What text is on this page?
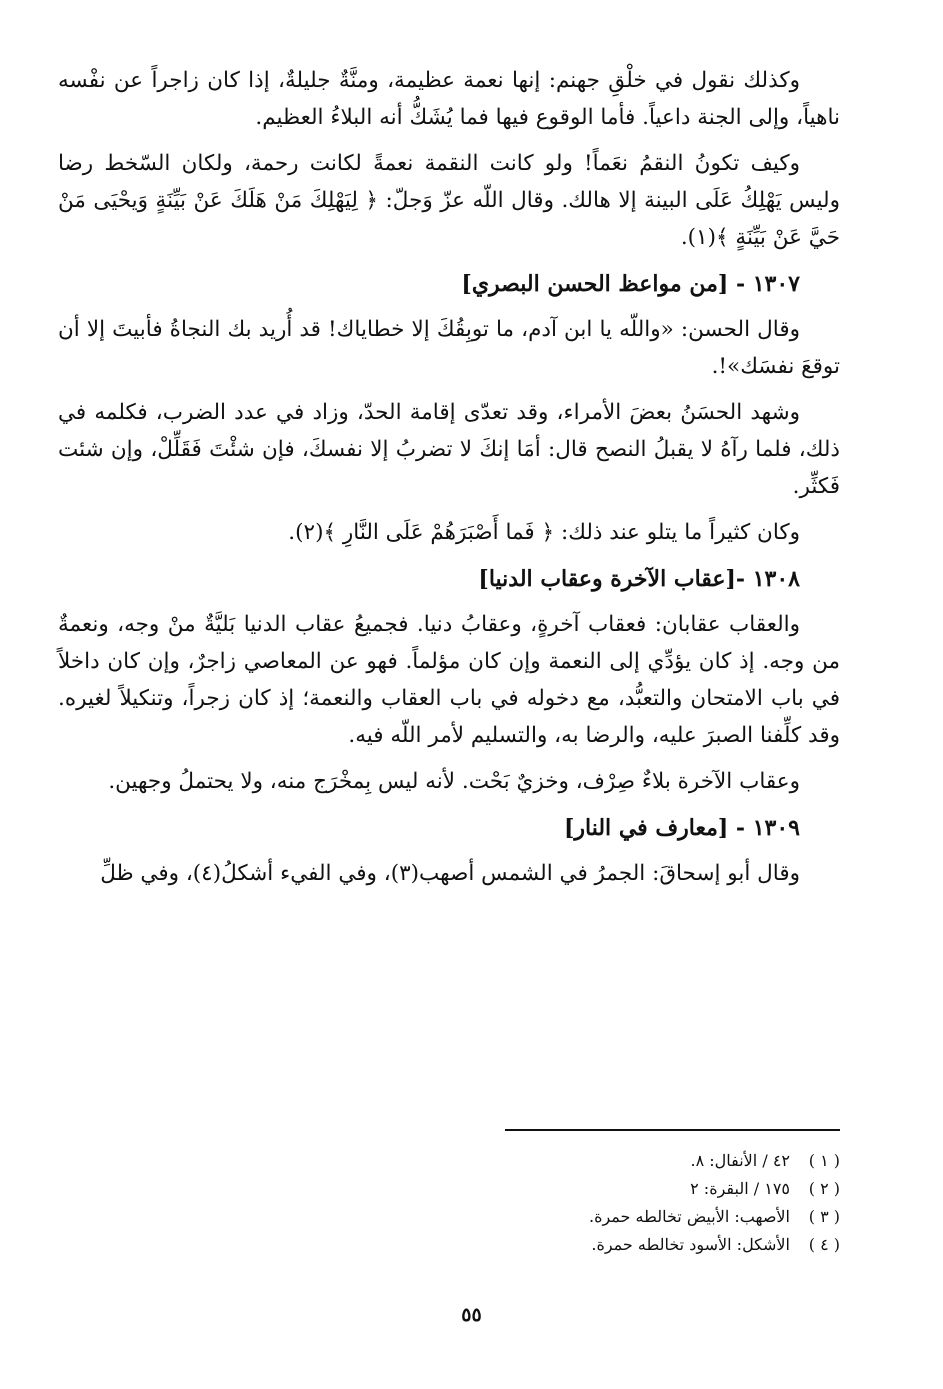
وكذلك نقول في خلْقِ جهنم: إنها نعمة عظيمة، ومنَّةٌ جليلةٌ، إذا كان زاجراً عن نفْسه ناهياً، وإلى الجنة داعياً. فأما الوقوع فيها فما يُشَكُّ أنه البلاءُ العظيم.

وكيف تكونُ النقمُ نعَماً! ولو كانت النقمة نعمةً لكانت رحمة، ولكان السّخط رضا وليس يَهْلِكُ عَلَى البينة إلا هالك. وقال اللّه عزّ وَجلّ: ﴿ لِيَهْلِكَ مَنْ هَلَكَ عَنْ بَيِّنَةٍ وَيحْيَى مَنْ حَيَّ عَنْ بَيِّنَةٍ ﴾(١).

١٣٠٧ - [من مواعظ الحسن البصري]

وقال الحسن: «واللّه يا ابن آدم، ما توبِقُكَ إلا خطاياك! قد أُريد بك النجاةُ فأبيتَ إلا أن توقعَ نفسَك»!.

وشهد الحسَنُ بعضَ الأمراء، وقد تعدّى إقامة الحدّ، وزاد في عدد الضرب، فكلمه في ذلك، فلما رآهُ لا يقبلُ النصح قال: أمَا إنكَ لا تضربُ إلا نفسكَ، فإن شئْتَ فَقَلِّلْ، وإن شئت فَكثِّر.

وكان كثيراً ما يتلو عند ذلك: ﴿ فَما أَصْبَرَهُمْ عَلَى النَّارِ ﴾(٢).

١٣٠٨ -[عقاب الآخرة وعقاب الدنيا]

والعقاب عقابان: فعقاب آخرةٍ، وعقابُ دنيا. فجميعُ عقاب الدنيا بَليَّةٌ منْ وجه، ونعمةٌ من وجه. إذ كان يؤدِّي إلى النعمة وإن كان مؤلماً. فهو عن المعاصي زاجرٌ، وإن كان داخلاً في باب الامتحان والتعبُّد، مع دخوله في باب العقاب والنعمة؛ إذ كان زجراً، وتنكيلاً لغيره. وقد كلِّفنا الصبرَ عليه، والرضا به، والتسليم لأمر اللّه فيه.

وعقاب الآخرة بلاءٌ صِرْف، وخزيٌ بَحْت. لأنه ليس بِمخْرَج منه، ولا يحتملُ وجهين.

١٣٠٩ - [معارف في النار]

وقال أبو إسحاقَ: الجمرُ في الشمس أصهب(٣)، وفي الفيء أشكلُ(٤)، وفي ظلِّ

( ١ )٤٢ / الأنفال: ٨.
( ٢ )١٧٥ / البقرة: ٢
( ٣ )الأصهب: الأبيض تخالطه حمرة.
( ٤ )الأشكل: الأسود تخالطه حمرة.
٥٥
